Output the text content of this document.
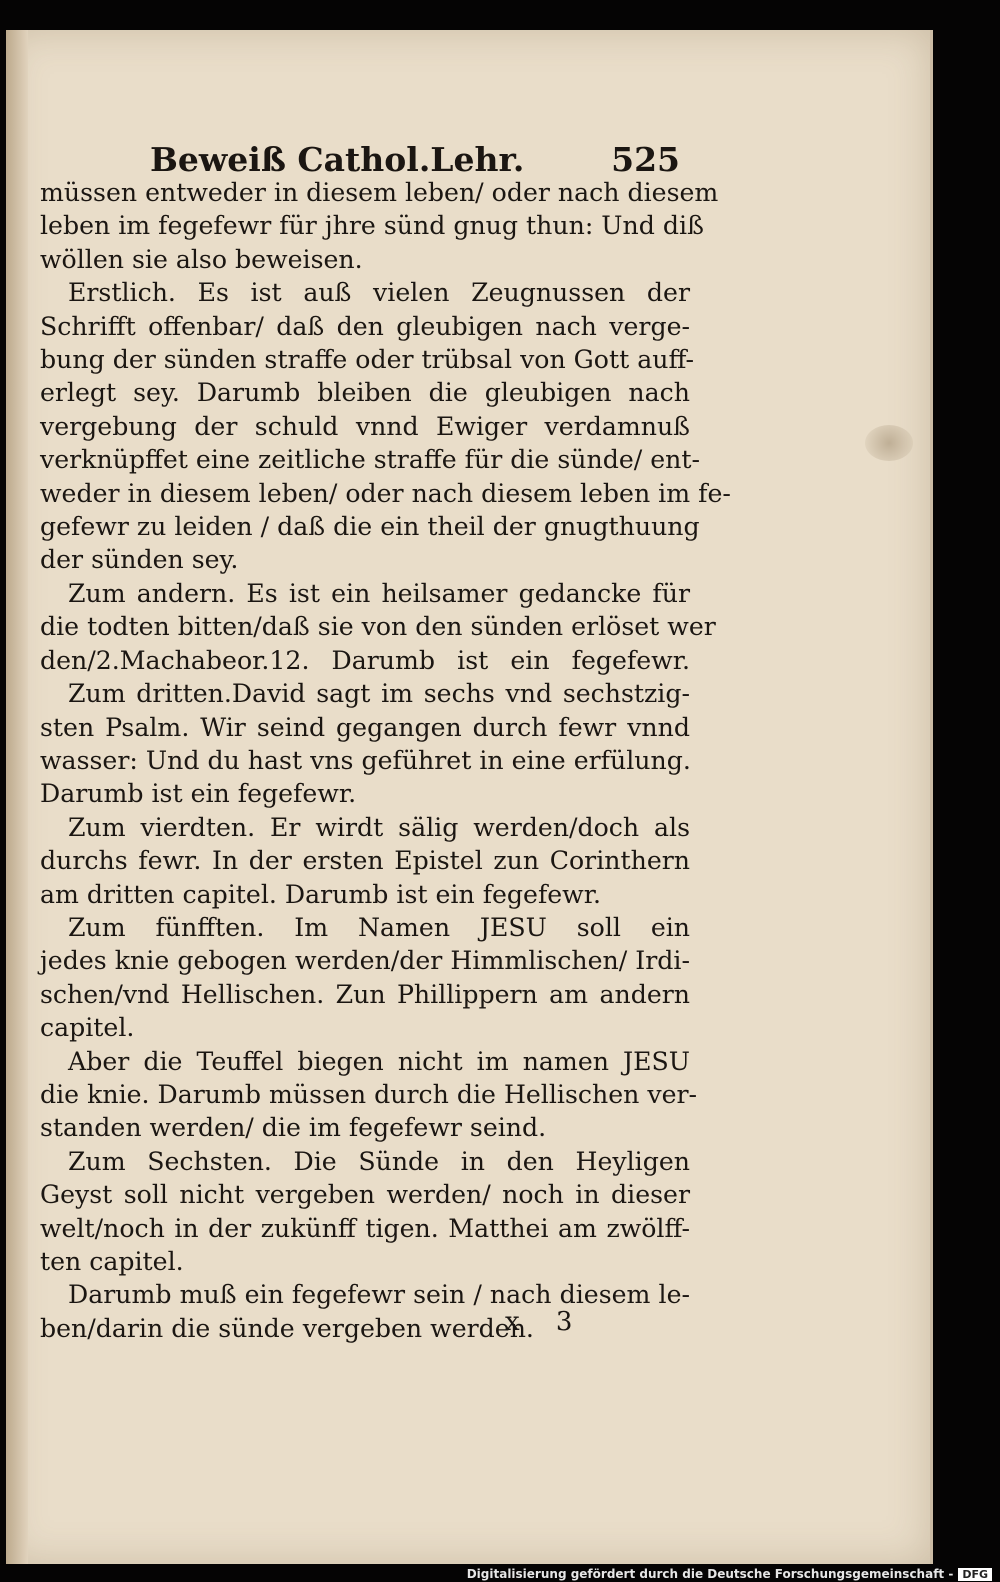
Beweiß Cathol.Lehr.	525
müssen entweder in diesem leben/ oder nach diesem
leben im fegefewr für jhre sünd gnug thun: Und diß
wöllen sie also beweisen.
Erstlich. Es ist auß vielen Zeugnussen der
Schrifft offenbar/ daß den gleubigen nach verge-
bung der sünden straffe oder trübsal von Gott auff-
erlegt sey. Darumb bleiben die gleubigen nach
vergebung der schuld vnnd Ewiger verdamnuß
verknüpffet eine zeitliche straffe für die sünde/ ent-
weder in diesem leben/ oder nach diesem leben im fe-
gefewr zu leiden / daß die ein theil der gnugthuung
der sünden sey.
Zum andern. Es ist ein heilsamer gedancke für
die todten bitten/daß sie von den sünden erlöset wer
den/2.Machabeor.12. Darumb ist ein fegefewr.
Zum dritten.David sagt im sechs vnd sechstzig-
sten Psalm. Wir seind gegangen durch fewr vnnd
wasser: Und du hast vns geführet in eine erfülung.
Darumb ist ein fegefewr.
Zum vierdten. Er wirdt sälig werden/doch als
durchs fewr. In der ersten Epistel zun Corinthern
am dritten capitel. Darumb ist ein fegefewr.
Zum fünfften. Im Namen JESU soll ein
jedes knie gebogen werden/der Himmlischen/ Irdi-
schen/vnd Hellischen. Zun Phillippern am andern
capitel.
Aber die Teuffel biegen nicht im namen JESU
die knie. Darumb müssen durch die Hellischen ver-
standen werden/ die im fegefewr seind.
Zum Sechsten. Die Sünde in den Heyligen
Geyst soll nicht vergeben werden/ noch in dieser
welt/noch in der zukünff tigen. Matthei am zwölff-
ten capitel.
Darumb muß ein fegefewr sein / nach diesem le-
ben/darin die sünde vergeben werden.
x 3
Digitalisierung gefördert durch die Deutsche Forschungsgemeinschaft - DFG
